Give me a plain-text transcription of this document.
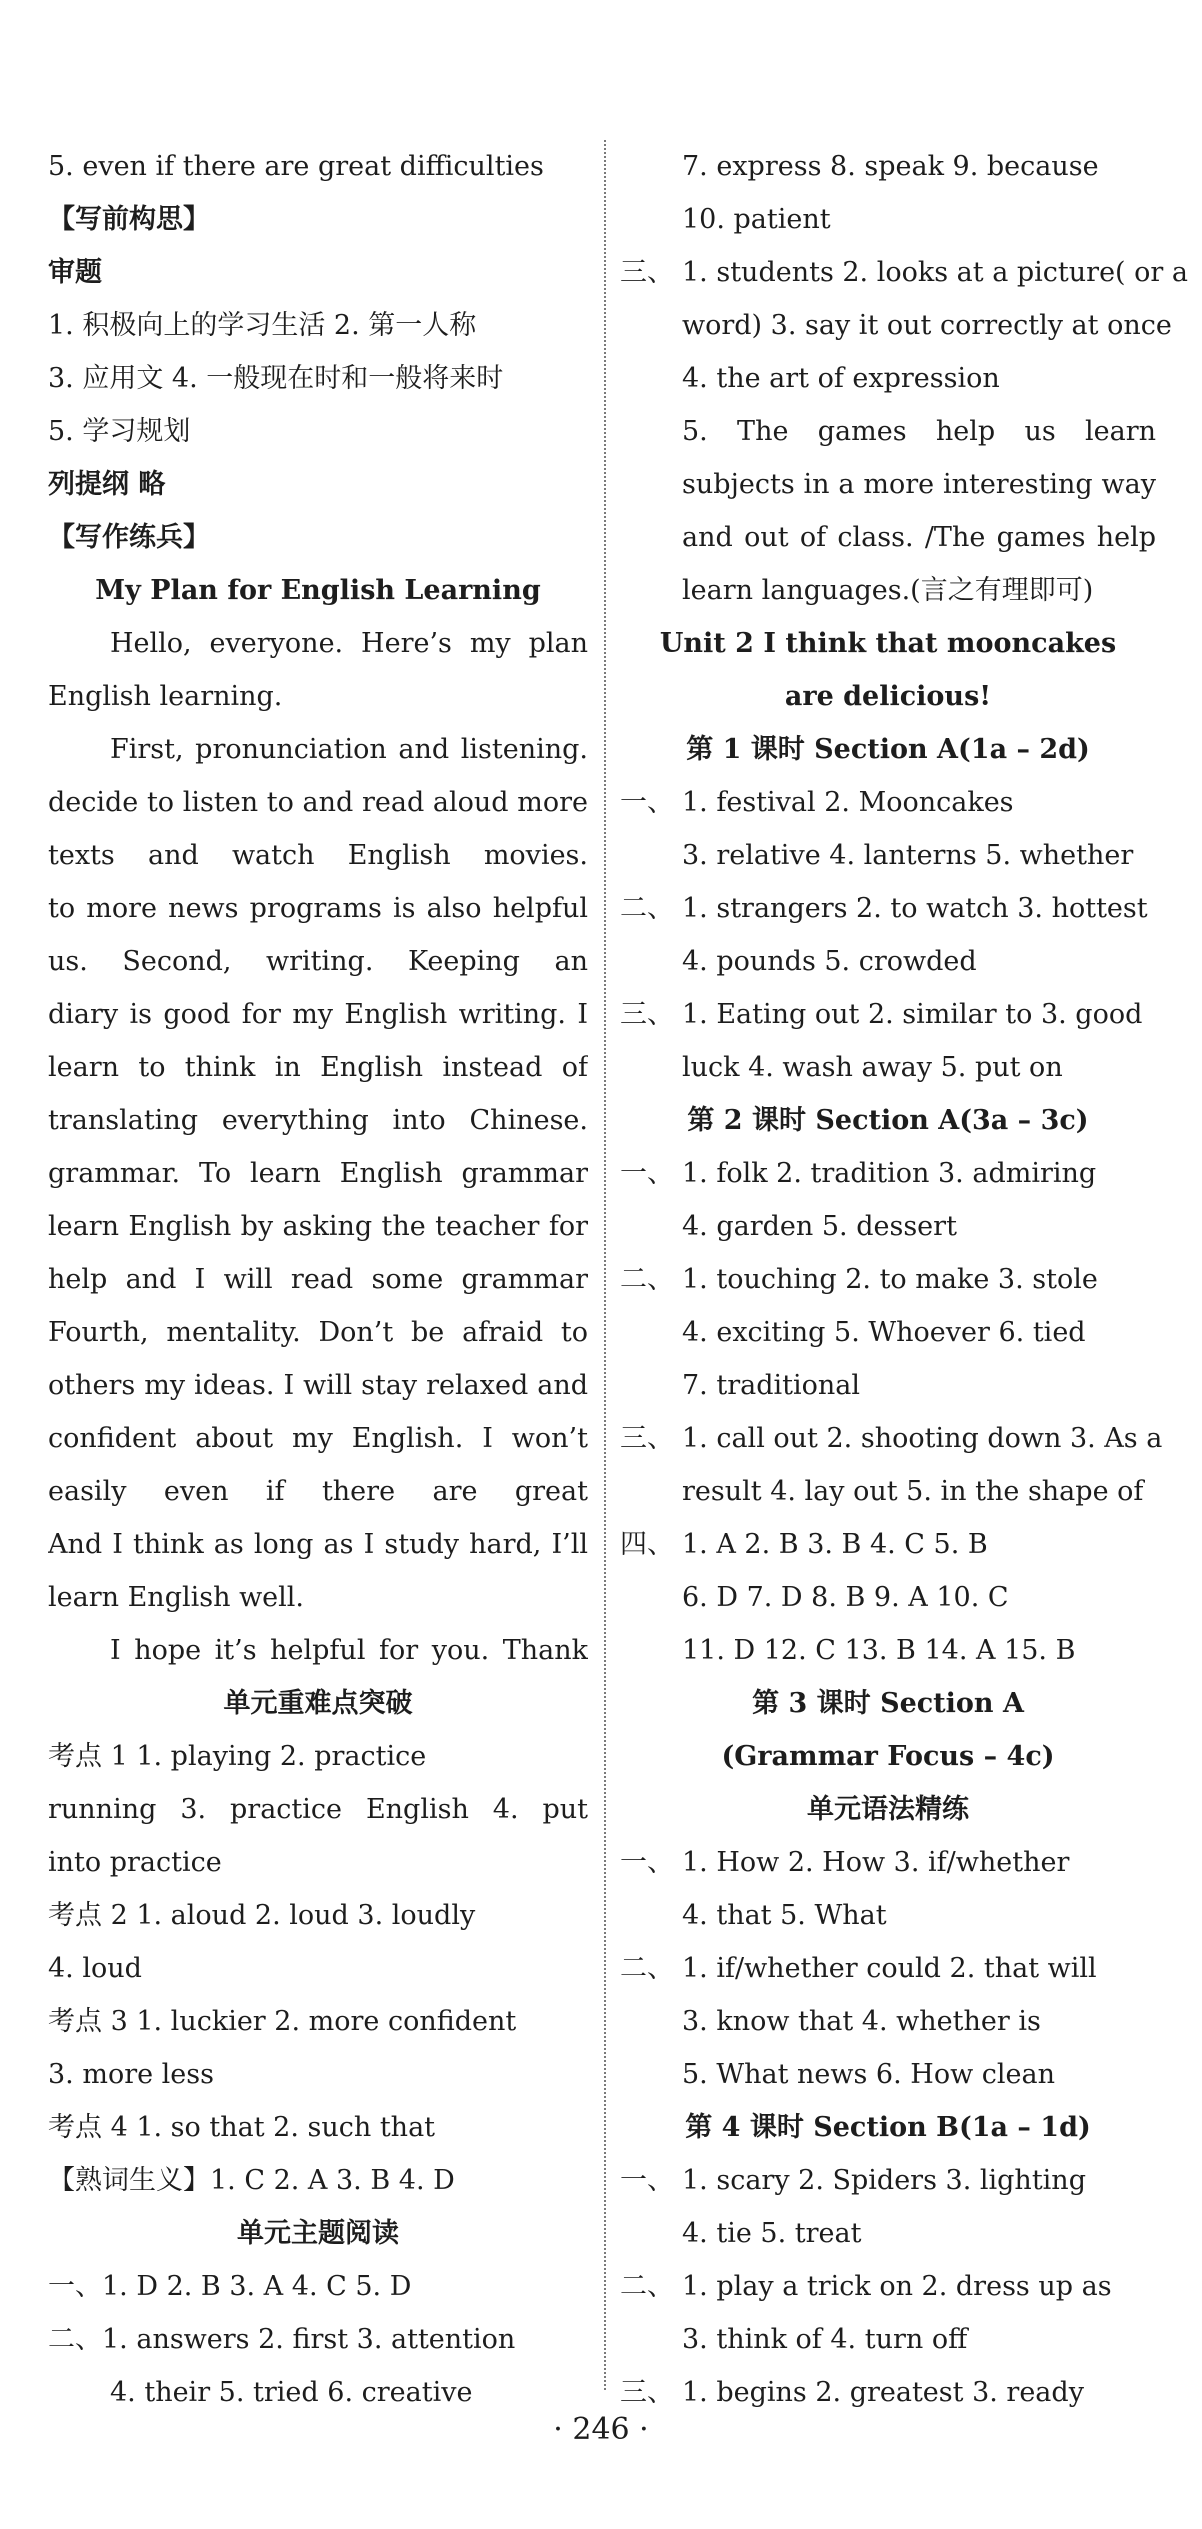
5. even if there are great difficulties
【写前构思】
审题
1. 积极向上的学习生活 2. 第一人称
3. 应用文 4. 一般现在时和一般将来时
5. 学习规划
列提纲 略
【写作练兵】
My Plan for English Learning
Hello, everyone. Here’s my plan
English learning.
First, pronunciation and listening.
decide to listen to and read aloud more
texts and watch English movies.
to more news programs is also helpful
us. Second, writing. Keeping an
diary is good for my English writing. I
learn to think in English instead of
translating everything into Chinese.
grammar. To learn English grammar
learn English by asking the teacher for
help and I will read some grammar
Fourth, mentality. Don’t be afraid to
others my ideas. I will stay relaxed and
confident about my English. I won’t
easily even if there are great
And I think as long as I study hard, I’ll
learn English well.
I hope it’s helpful for you. Thank
单元重难点突破
考点 1 1. playing 2. practice
running 3. practice English 4. put
into practice
考点 2 1. aloud 2. loud 3. loudly
4. loud
考点 3 1. luckier 2. more confident
3. more less
考点 4 1. so that 2. such that
【熟词生义】1. C 2. A 3. B 4. D
单元主题阅读
一、1. D 2. B 3. A 4. C 5. D
二、1. answers 2. first 3. attention
4. their 5. tried 6. creative
7. express 8. speak 9. because
10. patient
三、 1. students 2. looks at a picture( or a
word) 3. say it out correctly at once
4. the art of expression
5. The games help us learn
subjects in a more interesting way
and out of class. /The games help
learn languages.(言之有理即可)
Unit 2 I think that mooncakes
are delicious!
第 1 课时 Section A(1a – 2d)
一、 1. festival 2. Mooncakes
3. relative 4. lanterns 5. whether
二、 1. strangers 2. to watch 3. hottest
4. pounds 5. crowded
三、 1. Eating out 2. similar to 3. good
luck 4. wash away 5. put on
第 2 课时 Section A(3a – 3c)
一、 1. folk 2. tradition 3. admiring
4. garden 5. dessert
二、 1. touching 2. to make 3. stole
4. exciting 5. Whoever 6. tied
7. traditional
三、 1. call out 2. shooting down 3. As a
result 4. lay out 5. in the shape of
四、 1. A 2. B 3. B 4. C 5. B
6. D 7. D 8. B 9. A 10. C
11. D 12. C 13. B 14. A 15. B
第 3 课时 Section A
(Grammar Focus – 4c)
单元语法精练
一、 1. How 2. How 3. if/whether
4. that 5. What
二、 1. if/whether could 2. that will
3. know that 4. whether is
5. What news 6. How clean
第 4 课时 Section B(1a – 1d)
一、 1. scary 2. Spiders 3. lighting
4. tie 5. treat
二、 1. play a trick on 2. dress up as
3. think of 4. turn off
三、 1. begins 2. greatest 3. ready
· 246 ·
